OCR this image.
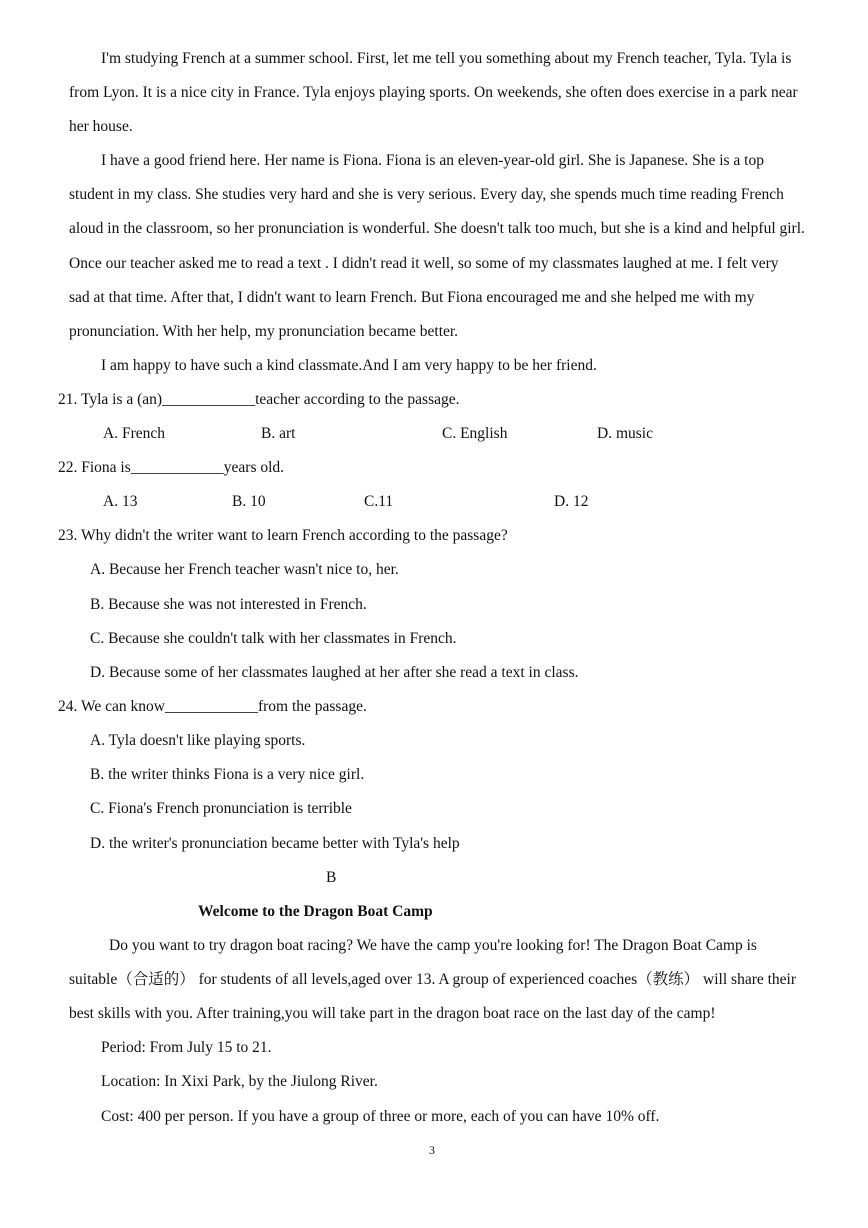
I'm studying French at a summer school. First, let me tell you something about my French teacher, Tyla. Tyla is
from Lyon. It is a nice city in France. Tyla enjoys playing sports. On weekends, she often does exercise in a park near
her house.
I have a good friend here. Her name is Fiona. Fiona is an eleven-year-old girl. She is Japanese. She is a top
student in my class. She studies very hard and she is very serious. Every day, she spends much time reading French
aloud in the classroom, so her pronunciation is wonderful. She doesn't talk too much, but she is a kind and helpful girl.
Once our teacher asked me to read a text . I didn't read it well, so some of my classmates laughed at me. I felt very
sad at that time. After that, I didn't want to learn French. But Fiona encouraged me and she helped me with my
pronunciation. With her help, my pronunciation became better.
I am happy to have such a kind classmate.And I am very happy to be her friend.
21. Tyla is a (an)____________teacher according to the passage.
A. French	B. art	C. English	D. music
22. Fiona is____________years old.
A. 13	B. 10	C.11	D. 12
23. Why didn't the writer want to learn French according to the passage?
A. Because her French teacher wasn't nice to, her.
B. Because she was not interested in French.
C. Because she couldn't talk with her classmates in French.
D. Because some of her classmates laughed at her after she read a text in class.
24. We can know____________from the passage.
A. Tyla doesn't like playing sports.
B. the writer thinks Fiona is a very nice girl.
C. Fiona's French pronunciation is terrible
D. the writer's pronunciation became better with Tyla's help
B
Welcome to the Dragon Boat Camp
Do you want to try dragon boat racing? We have the camp you're looking for! The Dragon Boat Camp is
suitable（合适的） for students of all levels,aged over 13. A group of experienced coaches（教练） will share their
best skills with you. After training,you will take part in the dragon boat race on the last day of the camp!
Period: From July 15 to 21.
Location: In Xixi Park, by the Jiulong River.
Cost: 400 per person. If you have a group of three or more, each of you can have 10% off.
3
